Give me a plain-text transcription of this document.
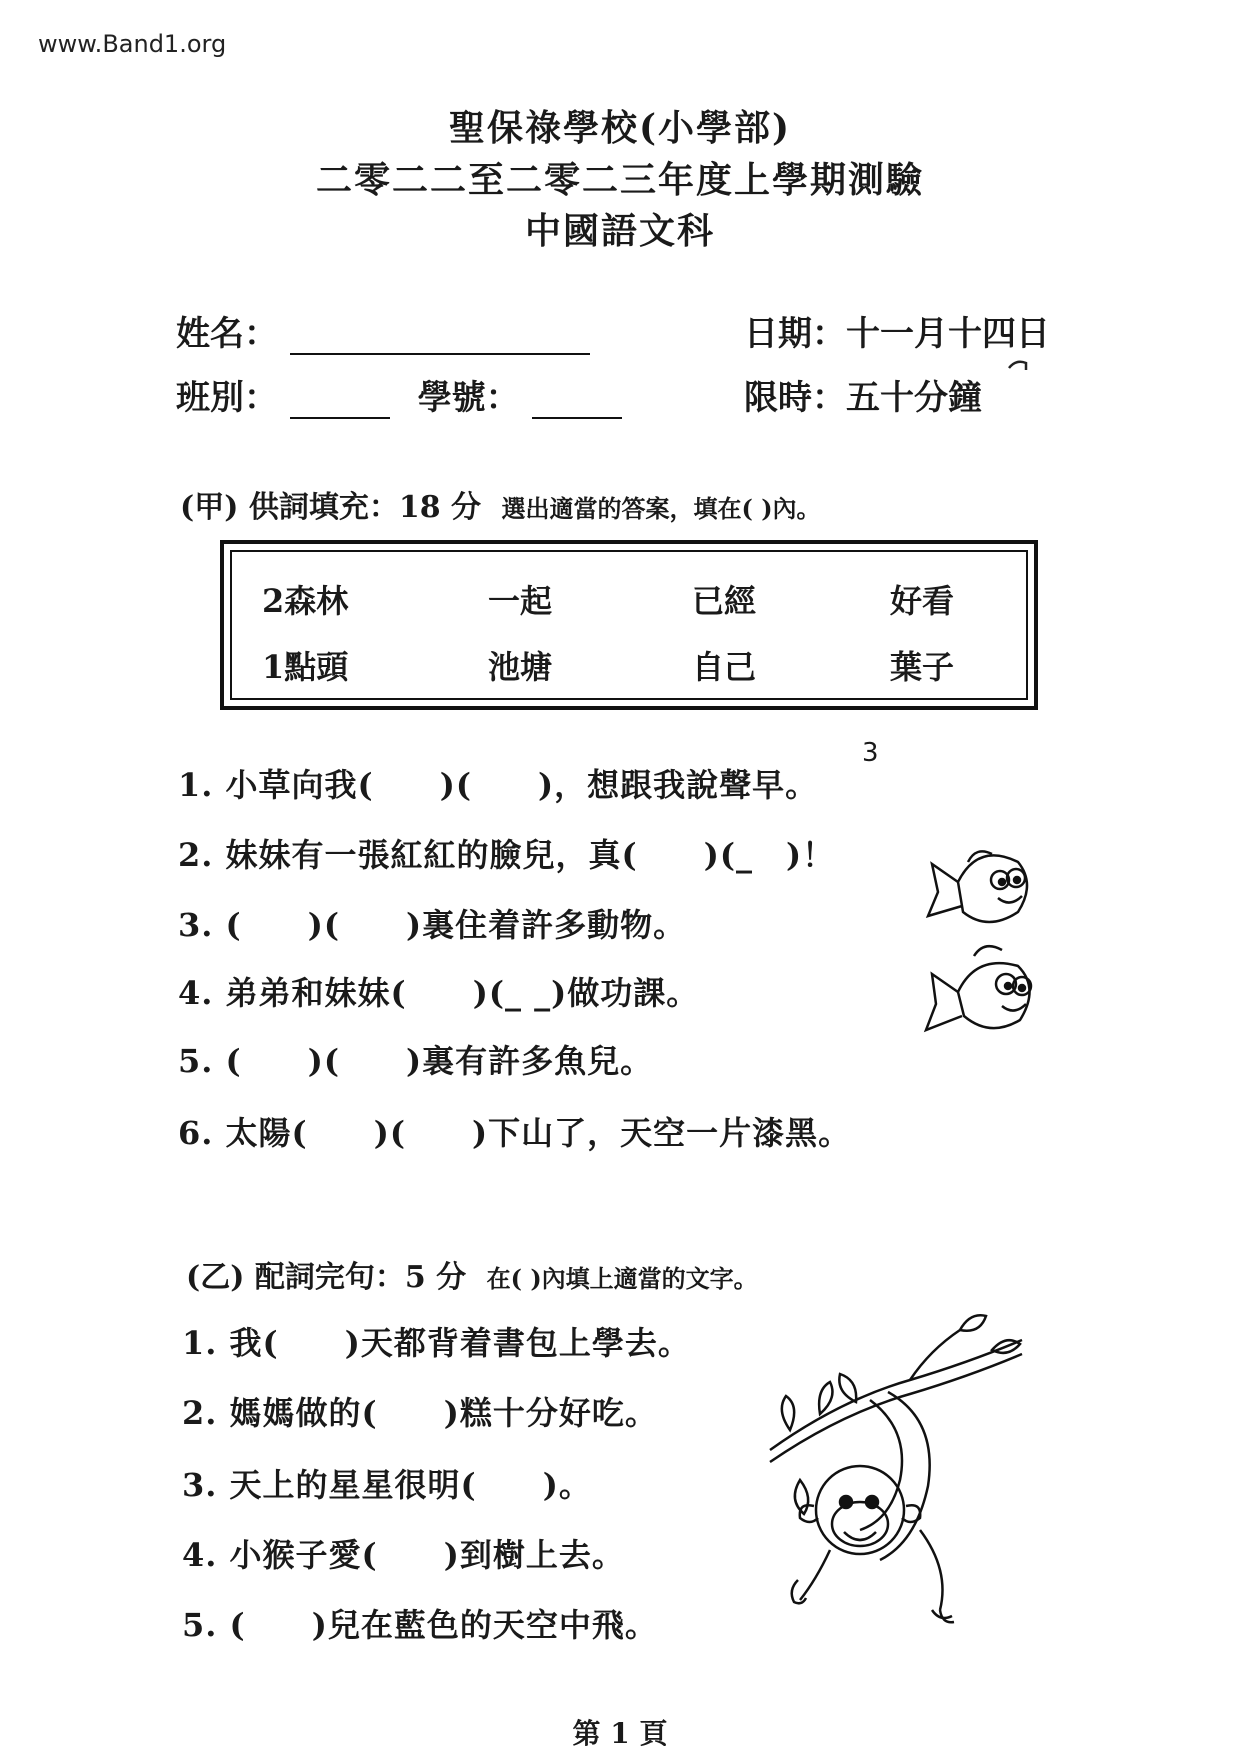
www.Band1.org
聖保祿學校(小學部)
二零二二至二零二三年度上學期測驗
中國語文科
姓名：
班別：	學號：
日期：十一月十四日
限時：五十分鐘
(甲) 供詞填充：18 分 選出適當的答案，填在( )內。
2森林	一起	已經	好看
1點頭	池塘	自己	葉子
1. 小草向我(　　)(　　)，想跟我說聲早。
3
2. 妹妹有一張紅紅的臉兒，真(　　)(_　)！
3. (　　)(　　)裏住着許多動物。
4. 弟弟和妹妹(　　)(_ _)做功課。
5. (　　)(　　)裏有許多魚兒。
6. 太陽(　　)(　　)下山了，天空一片漆黑。
(乙) 配詞完句：5 分 在( )內填上適當的文字。
1. 我(　　)天都背着書包上學去。
2. 媽媽做的(　　)糕十分好吃。
3. 天上的星星很明(　　)。
4. 小猴子愛(　　)到樹上去。
5. (　　)兒在藍色的天空中飛。
第 1 頁
